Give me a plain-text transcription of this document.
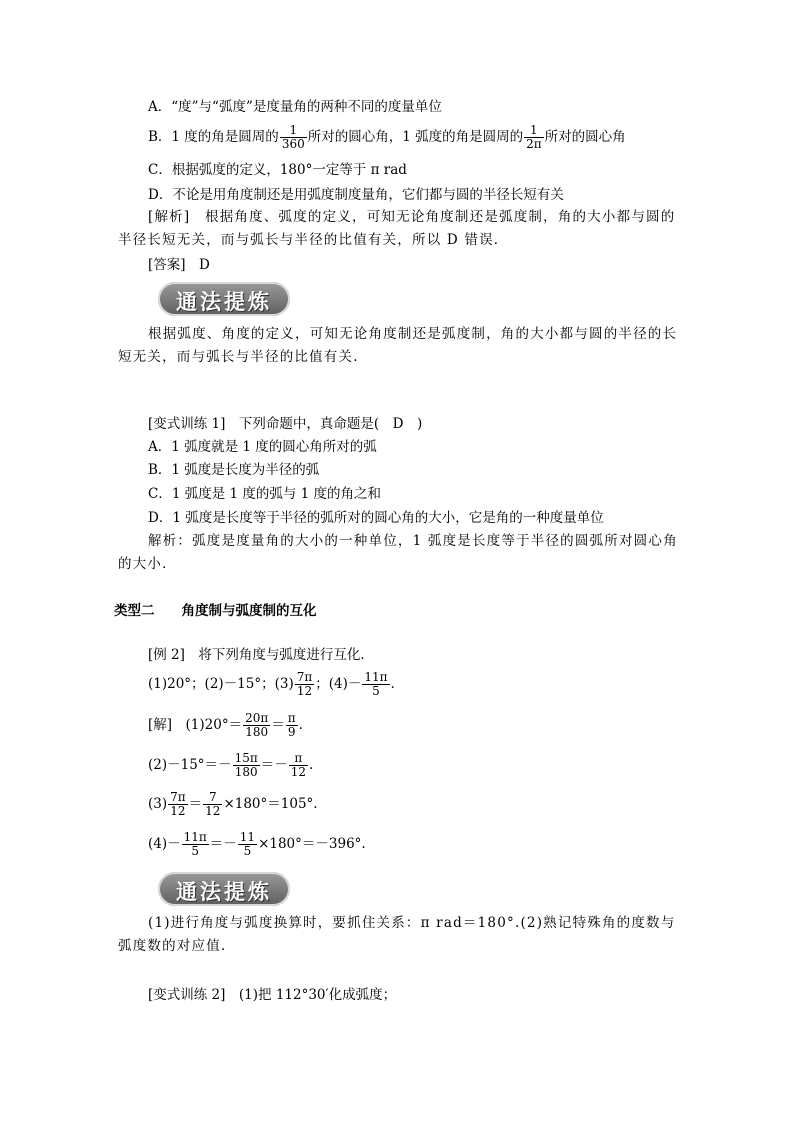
A．“度”与“弧度”是度量角的两种不同的度量单位
B．1 度的角是圆周的 $\frac{1}{360}$ 所对的圆心角，1 弧度的角是圆周的 $\frac{1}{2\pi}$ 所对的圆心角
C．根据弧度的定义，180°一定等于 π rad
D．不论是用角度制还是用弧度制度量角，它们都与圆的半径长短有关
[解析]　根据角度、弧度的定义，可知无论角度制还是弧度制，角的大小都与圆的半径长短无关，而与弧长与半径的比值有关，所以 D 错误．
[答案]　D
通法提炼
根据弧度、角度的定义，可知无论角度制还是弧度制，角的大小都与圆的半径的长短无关，而与弧长与半径的比值有关.
[变式训练 1]　下列命题中，真命题是(　D　)
A．1 弧度就是 1 度的圆心角所对的弧
B．1 弧度是长度为半径的弧
C．1 弧度是 1 度的弧与 1 度的角之和
D．1 弧度是长度等于半径的弧所对的圆心角的大小，它是角的一种度量单位
解析：弧度是度量角的大小的一种单位，1 弧度是长度等于半径的圆弧所对圆心角的大小．
类型二　　角度制与弧度制的互化
[例 2]　将下列角度与弧度进行互化．
(1)20°；(2)－15°；$(3) \frac{7\pi}{12}$ ；$(4)- \frac{11\pi}{5}$ .
[解]　$(1)20^\circ= \frac{20\pi}{180} = \frac{\pi}{9}$ .
$(2)-15^\circ=- \frac{15\pi}{180} =- \frac{\pi}{12}$ .
$(3) \frac{7\pi}{12} = \frac{7}{12} \times 180^\circ=105^\circ$.
$(4)- \frac{11\pi}{5} =- \frac{11}{5} \times 180^\circ=-396^\circ$.
通法提炼
(1)进行角度与弧度换算时，要抓住关系：π rad＝180°.(2)熟记特殊角的度数与弧度数的对应值.
[变式训练 2]　(1)把 112°30′化成弧度；
